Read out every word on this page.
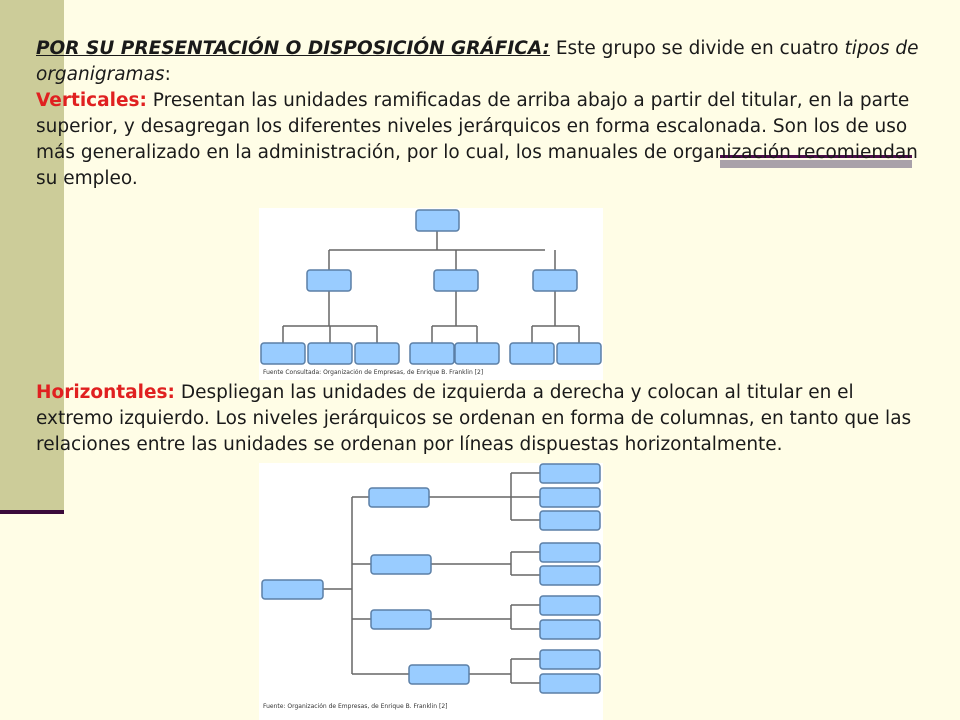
POR SU PRESENTACIÓN O DISPOSICIÓN GRÁFICA: Este grupo se divide en cuatro tipos de organigramas:

Verticales: Presentan las unidades ramificadas de arriba abajo a partir del titular, en la parte superior, y desagregan los diferentes niveles jerárquicos en forma escalonada. Son los de uso más generalizado en la administración, por lo cual, los manuales de organización recomiendan su empleo.

Fuente Consultada: Organización de Empresas, de Enrique B. Franklin [2]

Horizontales: Despliegan las unidades de izquierda a derecha y colocan al titular en el extremo izquierdo. Los niveles jerárquicos se ordenan en forma de columnas, en tanto que las relaciones entre las unidades se ordenan por líneas dispuestas horizontalmente.

Fuente: Organización de Empresas, de Enrique B. Franklin [2]
